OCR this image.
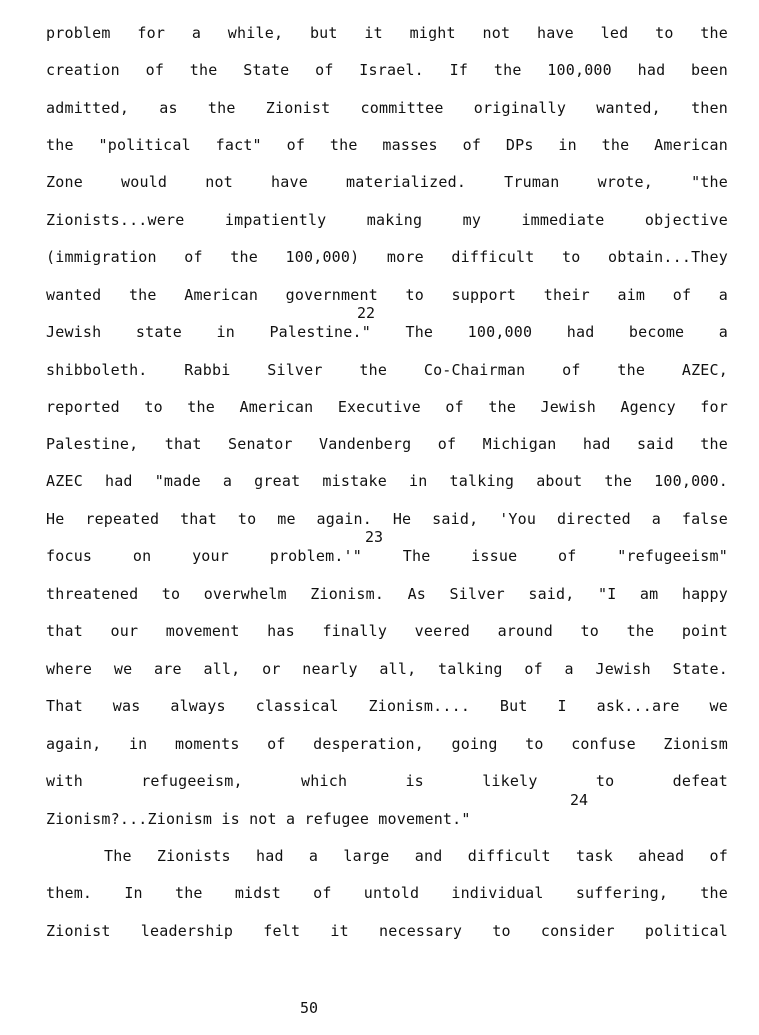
problem for a while, but it might not have led to the
creation of the State of Israel. If the 100,000 had been
admitted, as the Zionist committee originally wanted, then
the "political fact" of the masses of DPs in the American
Zone would not have materialized. Truman wrote, "the
Zionists...were impatiently making my immediate objective
(immigration of the 100,000) more difficult to obtain...They
wanted the American government to support their aim of a
22
Jewish state in Palestine." The 100,000 had become a
shibboleth. Rabbi Silver the Co-Chairman of the AZEC,
reported to the American Executive of the Jewish Agency for
Palestine, that Senator Vandenberg of Michigan had said the
AZEC had "made a great mistake in talking about the 100,000.
He repeated that to me again. He said, 'You directed a false
23
focus on your problem.'" The issue of "refugeeism"
threatened to overwhelm Zionism. As Silver said, "I am happy
that our movement has finally veered around to the point
where we are all, or nearly all, talking of a Jewish State.
That was always classical Zionism.... But I ask...are we
again, in moments of desperation, going to confuse Zionism
with refugeeism, which is likely to defeat
24
Zionism?...Zionism is not a refugee movement."
The Zionists had a large and difficult task ahead of
them. In the midst of untold individual suffering, the
Zionist leadership felt it necessary to consider political
50
